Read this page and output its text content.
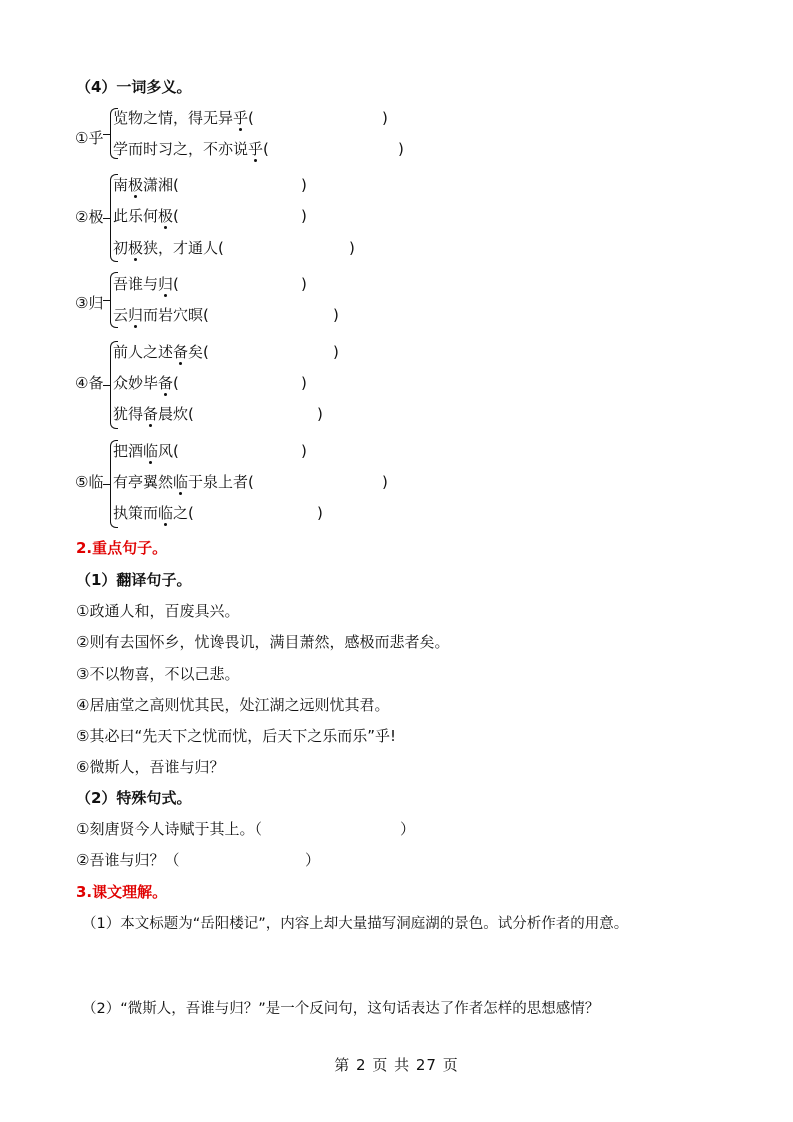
（4）一词多义。
①乎
览物之情，得无异乎(	)
学而时习之，不亦说乎(	)
②极
南极潇湘(	)
此乐何极(	)
初极狭，才通人(	)
③归
吾谁与归(	)
云归而岩穴暝(	)
④备
前人之述备矣(	)
众妙毕备(	)
犹得备晨炊(	)
⑤临
把酒临风(	)
有亭翼然临于泉上者(	)
执策而临之(	)
2.重点句子。
（1）翻译句子。
①政通人和，百废具兴。
②则有去国怀乡，忧谗畏讥，满目萧然，感极而悲者矣。
③不以物喜，不以己悲。
④居庙堂之高则忧其民，处江湖之远则忧其君。
⑤其必曰“先天下之忧而忧，后天下之乐而乐”乎!
⑥微斯人，吾谁与归？
（2）特殊句式。
①刻唐贤今人诗赋于其上。（	）
②吾谁与归？（	）
3.课文理解。
（1）本文标题为“岳阳楼记”，内容上却大量描写洞庭湖的景色。试分析作者的用意。
（2）“微斯人，吾谁与归？”是一个反问句，这句话表达了作者怎样的思想感情？
第 2 页 共 27 页
